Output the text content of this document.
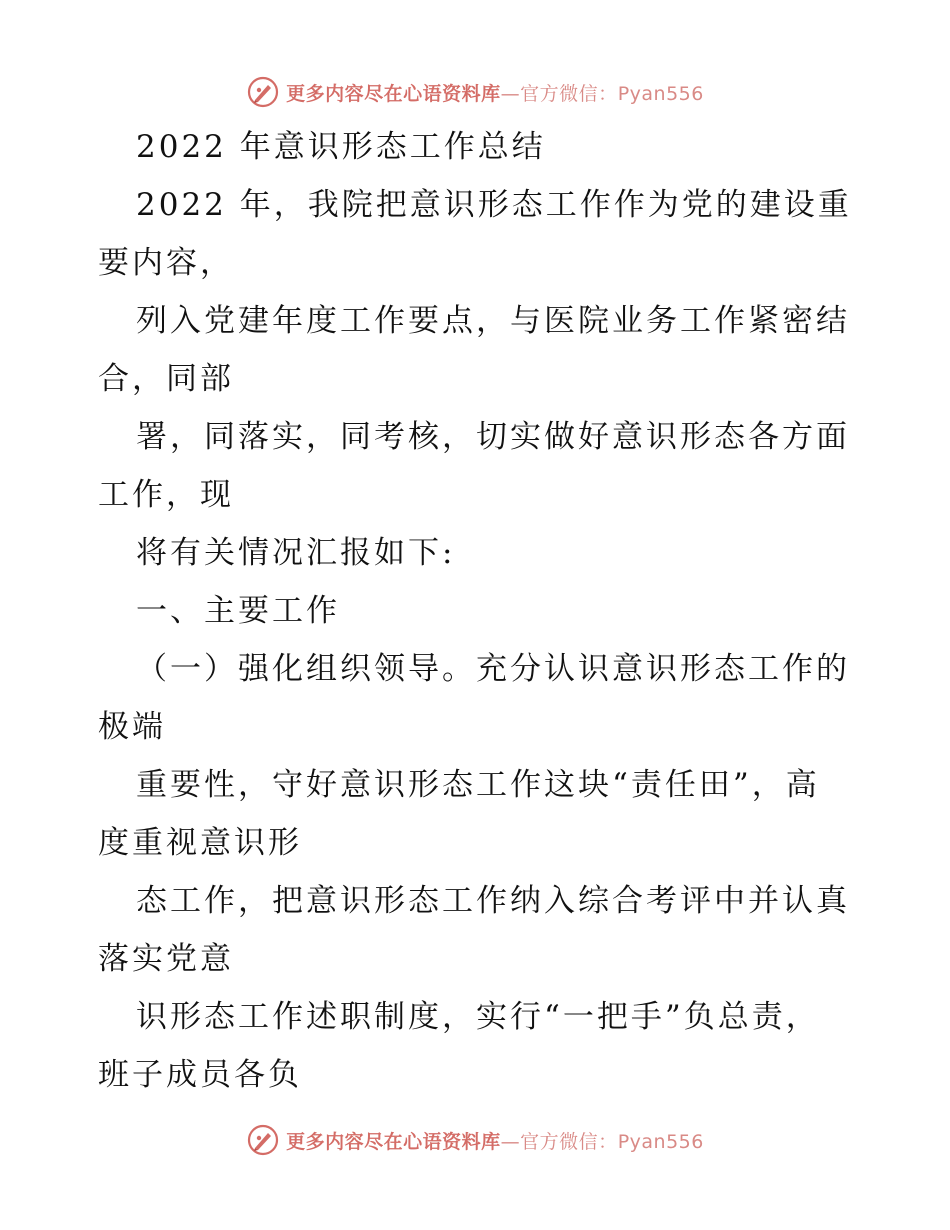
更多内容尽在心语资料库—官方微信：Pyan556
2022 年意识形态工作总结
2022 年，我院把意识形态工作作为党的建设重
要内容，
列入党建年度工作要点，与医院业务工作紧密结
合，同部
署，同落实，同考核，切实做好意识形态各方面
工作，现
将有关情况汇报如下:
一、主要工作
（一）强化组织领导。充分认识意识形态工作的
极端
重要性，守好意识形态工作这块“责任田”，高
度重视意识形
态工作，把意识形态工作纳入综合考评中并认真
落实党意
识形态工作述职制度，实行“一把手”负总责，
班子成员各负
更多内容尽在心语资料库—官方微信：Pyan556
